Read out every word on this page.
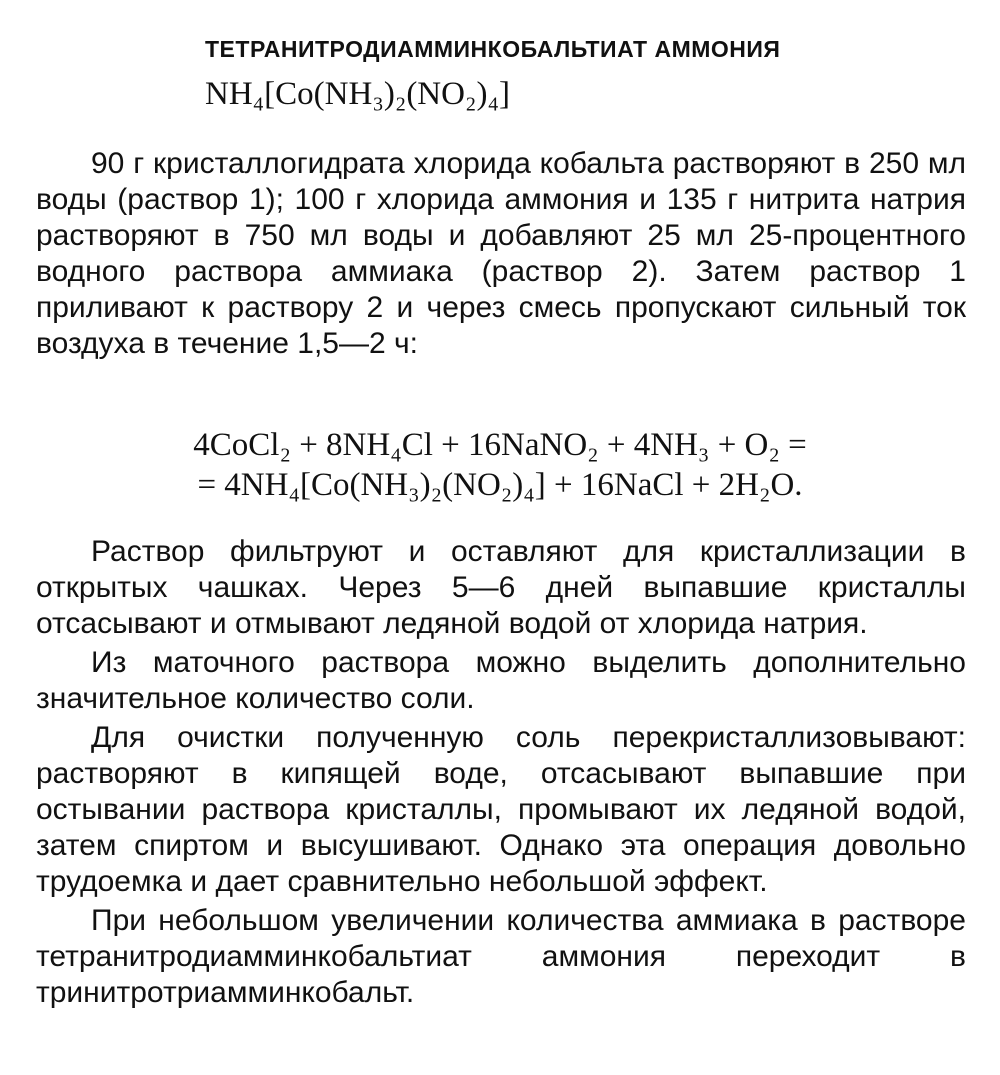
ТЕТРАНИТРОДИАММИНКОБАЛЬТИАТ АММОНИЯ
NH₄[Co(NH₃)₂(NO₂)₄]

90 г кристаллогидрата хлорида кобальта растворяют в 250 мл воды (раствор 1); 100 г хлорида аммония и 135 г нитрита натрия растворяют в 750 мл воды и добавляют 25 мл 25-процентного водного раствора аммиака (раствор 2). Затем раствор 1 приливают к раствору 2 и через смесь пропускают сильный ток воздуха в течение 1,5—2 ч:

4CoCl₂ + 8NH₄Cl + 16NaNO₂ + 4NH₃ + O₂ =
= 4NH₄[Co(NH₃)₂(NO₂)₄] + 16NaCl + 2H₂O.

Раствор фильтруют и оставляют для кристаллизации в открытых чашках. Через 5—6 дней выпавшие кристаллы отсасывают и отмывают ледяной водой от хлорида натрия.

Из маточного раствора можно выделить дополнительно значительное количество соли.

Для очистки полученную соль перекристаллизовывают: растворяют в кипящей воде, отсасывают выпавшие при остывании раствора кристаллы, промывают их ледяной водой, затем спиртом и высушивают. Однако эта операция довольно трудоемка и дает сравнительно небольшой эффект.

При небольшом увеличении количества аммиака в растворе тетранитродиамминкобальтиат аммония переходит в тринитротриамминкобальт.
